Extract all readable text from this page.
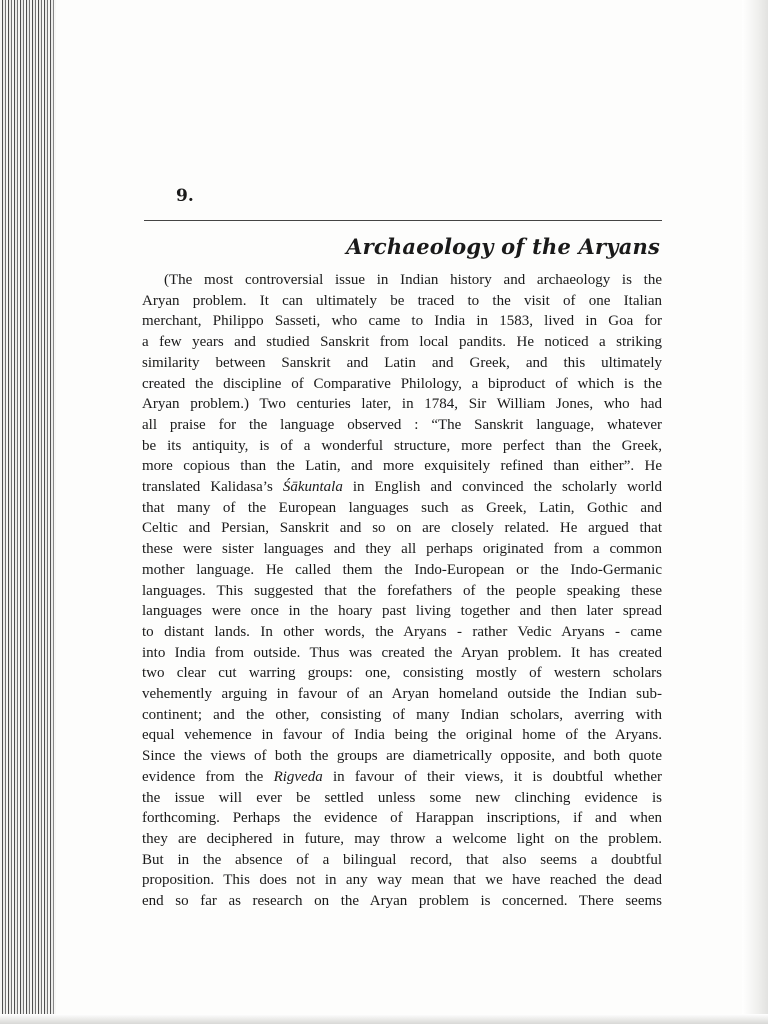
9.
Archaeology of the Aryans
(The most controversial issue in Indian history and archaeology is the
Aryan problem. It can ultimately be traced to the visit of one Italian
merchant, Philippo Sasseti, who came to India in 1583, lived in Goa for
a few years and studied Sanskrit from local pandits. He noticed a striking
similarity between Sanskrit and Latin and Greek, and this ultimately
created the discipline of Comparative Philology, a biproduct of which is the
Aryan problem.) Two centuries later, in 1784, Sir William Jones, who had
all praise for the language observed : “The Sanskrit language, whatever
be its antiquity, is of a wonderful structure, more perfect than the Greek,
more copious than the Latin, and more exquisitely refined than either”. He
translated Kalidasa’s Śākuntala in English and convinced the scholarly world
that many of the European languages such as Greek, Latin, Gothic and
Celtic and Persian, Sanskrit and so on are closely related. He argued that
these were sister languages and they all perhaps originated from a common
mother language. He called them the Indo-European or the Indo-Germanic
languages. This suggested that the forefathers of the people speaking these
languages were once in the hoary past living together and then later spread
to distant lands. In other words, the Aryans - rather Vedic Aryans - came
into India from outside. Thus was created the Aryan problem. It has created
two clear cut warring groups: one, consisting mostly of western scholars
vehemently arguing in favour of an Aryan homeland outside the Indian sub-
continent; and the other, consisting of many Indian scholars, averring with
equal vehemence in favour of India being the original home of the Aryans.
Since the views of both the groups are diametrically opposite, and both quote
evidence from the Rigveda in favour of their views, it is doubtful whether
the issue will ever be settled unless some new clinching evidence is
forthcoming. Perhaps the evidence of Harappan inscriptions, if and when
they are deciphered in future, may throw a welcome light on the problem.
But in the absence of a bilingual record, that also seems a doubtful
proposition. This does not in any way mean that we have reached the dead
end so far as research on the Aryan problem is concerned. There seems
